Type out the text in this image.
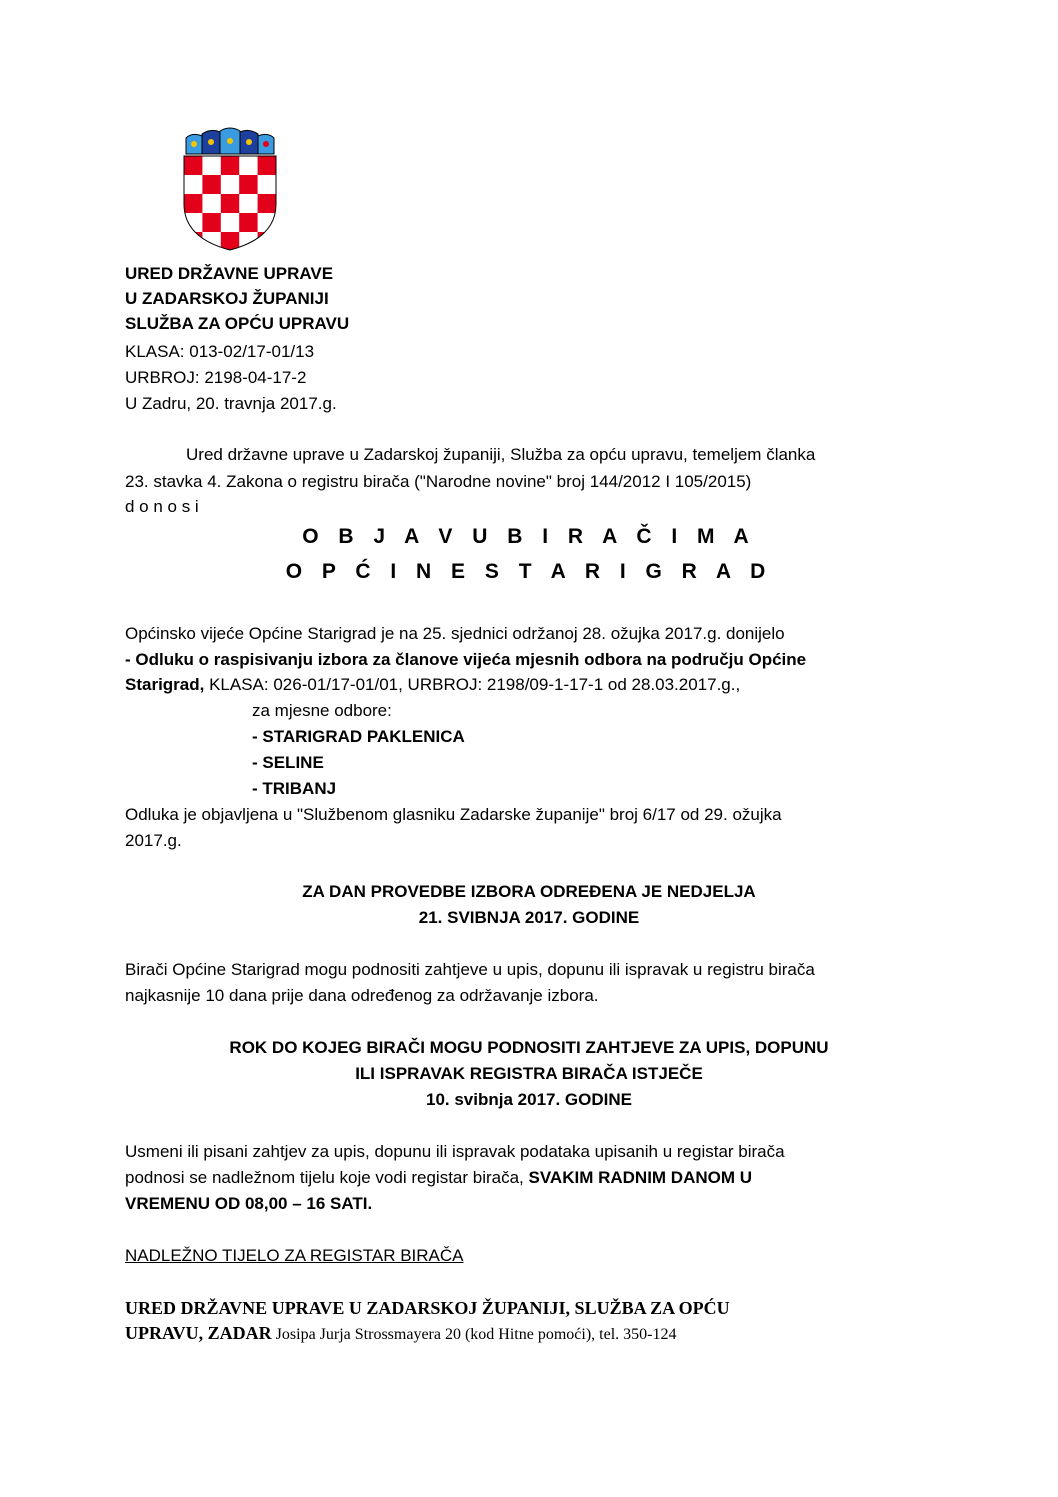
URED DRŽAVNE UPRAVE
U ZADARSKOJ ŽUPANIJI
SLUŽBA ZA OPĆU UPRAVU
KLASA: 013-02/17-01/13
URBROJ: 2198-04-17-2
U Zadru, 20. travnja 2017.g.
Ured državne uprave u Zadarskoj županiji, Služba za opću upravu, temeljem članka
23. stavka 4. Zakona o registru birača ("Narodne novine" broj 144/2012 I 105/2015)
d o n o s i
O B J A V U B I R A Č I M A
O P Ć I N E S T A R I G R A D
Općinsko vijeće Općine Starigrad je na 25. sjednici održanoj 28. ožujka 2017.g. donijelo
- Odluku o raspisivanju izbora za članove vijeća mjesnih odbora na području Općine
Starigrad, KLASA: 026-01/17-01/01, URBROJ: 2198/09-1-17-1 od 28.03.2017.g.,
za mjesne odbore:
- STARIGRAD PAKLENICA
- SELINE
- TRIBANJ
Odluka je objavljena u "Službenom glasniku Zadarske županije" broj 6/17 od 29. ožujka
2017.g.
ZA DAN PROVEDBE IZBORA ODREĐENA JE NEDJELJA
21. SVIBNJA 2017. GODINE
Birači Općine Starigrad mogu podnositi zahtjeve u upis, dopunu ili ispravak u registru birača
najkasnije 10 dana prije dana određenog za održavanje izbora.
ROK DO KOJEG BIRAČI MOGU PODNOSITI ZAHTJEVE ZA UPIS, DOPUNU
ILI ISPRAVAK REGISTRA BIRAČA ISTJEČE
10. svibnja 2017. GODINE
Usmeni ili pisani zahtjev za upis, dopunu ili ispravak podataka upisanih u registar birača
podnosi se nadležnom tijelu koje vodi registar birača, SVAKIM RADNIM DANOM U
VREMENU OD 08,00 – 16 SATI.
NADLEŽNO TIJELO ZA REGISTAR BIRAČA
URED DRŽAVNE UPRAVE U ZADARSKOJ ŽUPANIJI, SLUŽBA ZA OPĆU
UPRAVU, ZADAR Josipa Jurja Strossmayera 20 (kod Hitne pomoći), tel. 350-124
